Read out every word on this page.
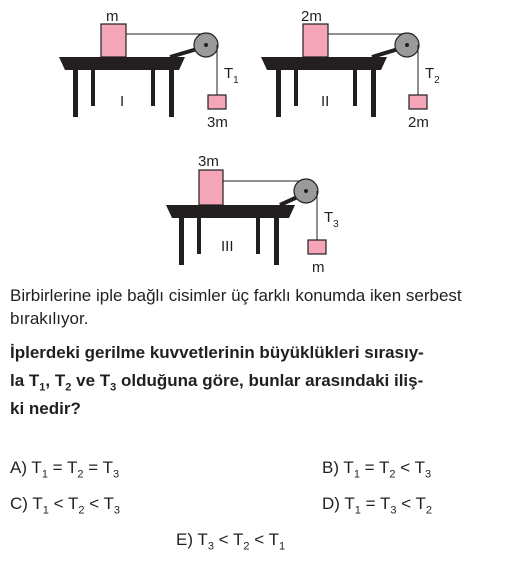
m
$T_1$
3m
I
2m
$T_2$
2m
II
3m
$T_3$
m
III
Birbirlerine iple bağlı cisimler üç farklı konumda iken serbest bırakılıyor.
İplerdeki gerilme kuvvetlerinin büyüklükleri sırasıy-
la $T_1$, $T_2$ ve $T_3$ olduğuna göre, bunlar arasındaki iliş-
ki nedir?
A) $T_1 = T_2 = T_3$	B) $T_1 = T_2 < T_3$
C) $T_1 < T_2 < T_3$	D) $T_1 = T_3 < T_2$
E) $T_3 < T_2 < T_1$
